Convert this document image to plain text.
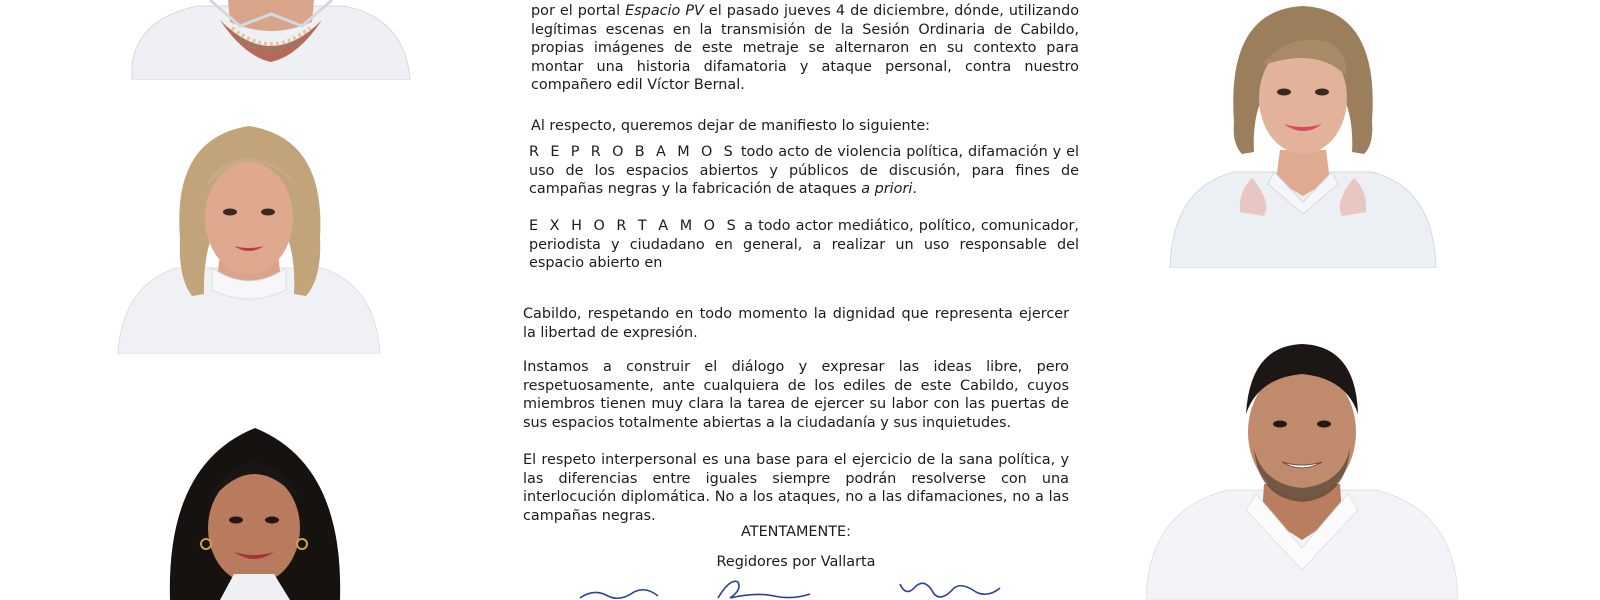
por el portal Espacio PV el pasado jueves 4 de diciembre, dónde, utilizando legítimas escenas en la transmisión de la Sesión Ordinaria de Cabildo, propias imágenes de este metraje se alternaron en su contexto para montar una historia difamatoria y ataque personal, contra nuestro compañero edil Víctor Bernal.

Al respecto, queremos dejar de manifiesto lo siguiente:

R E P R O B A M O S todo acto de violencia política, difamación y el uso de los espacios abiertos y públicos de discusión, para fines de campañas negras y la fabricación de ataques a priori.

E X H O R T A M O S a todo actor mediático, político, comunicador, periodista y ciudadano en general, a realizar un uso responsable del espacio abierto en

Cabildo, respetando en todo momento la dignidad que representa ejercer la libertad de expresión.

Instamos a construir el diálogo y expresar las ideas libre, pero respetuosamente, ante cualquiera de los ediles de este Cabildo, cuyos miembros tienen muy clara la tarea de ejercer su labor con las puertas de sus espacios totalmente abiertas a la ciudadanía y sus inquietudes.

El respeto interpersonal es una base para el ejercicio de la sana política, y las diferencias entre iguales siempre podrán resolverse con una interlocución diplomática. No a los ataques, no a las difamaciones, no a las campañas negras.

ATENTAMENTE:

Regidores por Vallarta
